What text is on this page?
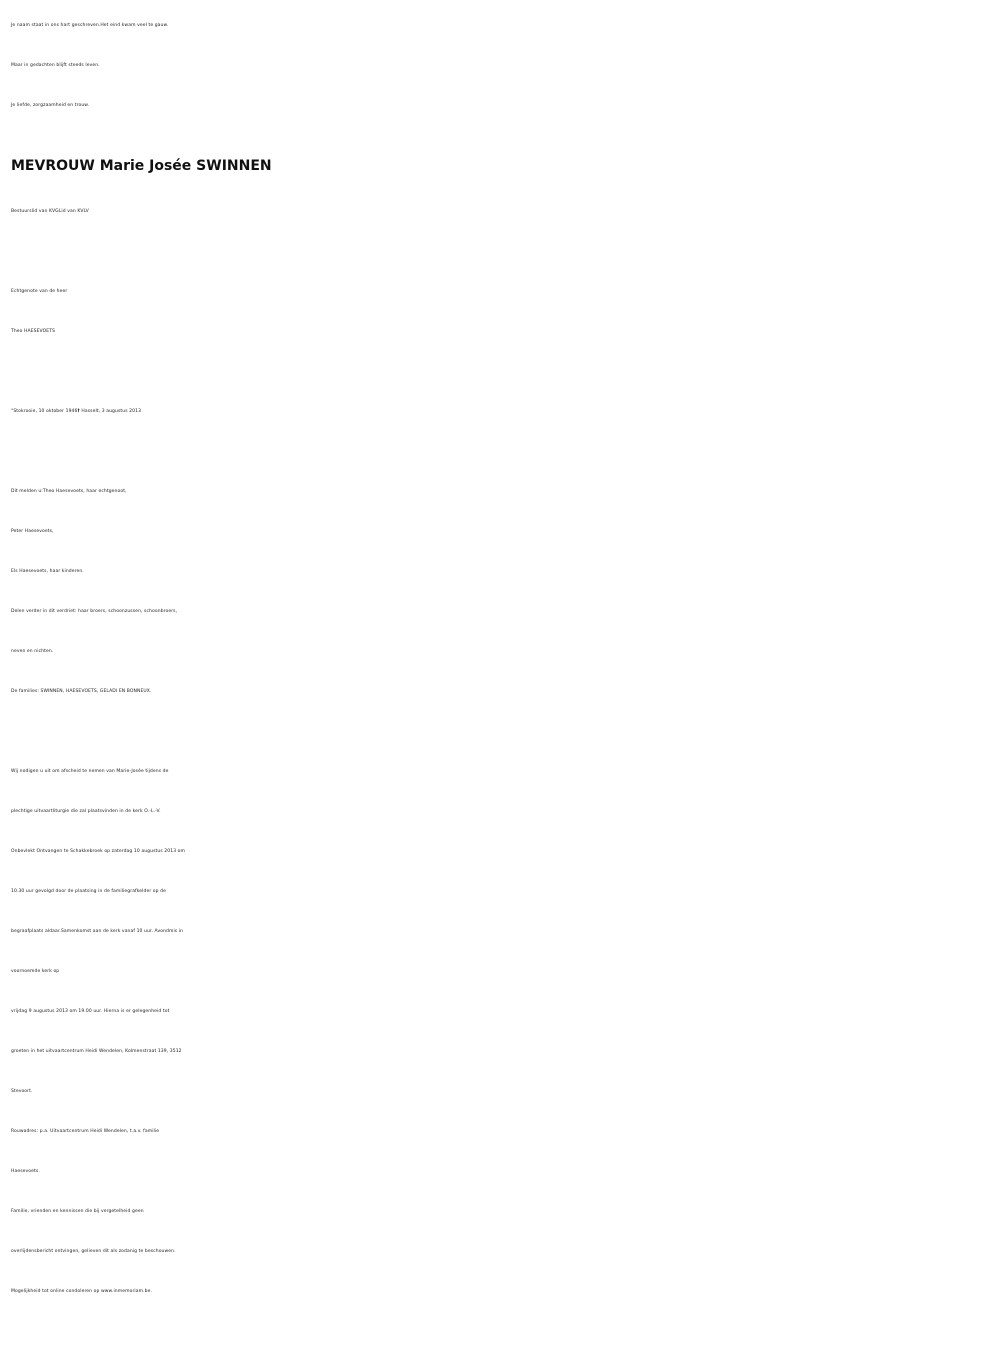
Je naam staat in ons hart geschreven.Het eind kwam veel te gauw.
Maar in gedachten blijft steeds leven.
Je liefde, zorgzaamheid en trouw.
MEVROUW Marie Josée SWINNEN
Bestuurslid van KVGLid van KVLV
Echtgenote van de heer
Theo HAESEVOETS
°Stokrooie, 10 oktober 1946† Hasselt, 3 augustus 2013
Dit melden u:Theo Haesevoets, haar echtgenoot,
Peter Haesevoets,
Els Haesevoets, haar kinderen.
Delen verder in dit verdriet: haar broers, schoonzussen, schoonbroers,
neven en nichten.
De families: SWINNEN, HAESEVOETS, GELADI EN BONNEUX.
Wij nodigen u uit om afscheid te nemen van Marie-Josée tijdens de
plechtige uitvaartliturgie die zal plaatsvinden in de kerk O.-L.-V.
Onbevlekt Ontvangen te Schakkebroek op zaterdag 10 augustus 2013 om
10.30 uur gevolgd door de plaatsing in de familiegrafkelder op de
begraafplaats aldaar.Samenkomst aan de kerk vanaf 10 uur. Avondmis in
voornoemde kerk op
vrijdag 9 augustus 2013 om 19.00 uur. Hierna is er gelegenheid tot
groeten in het uitvaartcentrum Heidi Wendelen, Kolmenstraat 139, 3512
Stevoort.
Rouwadres: p.a. Uitvaartcentrum Heidi Wendelen, t.a.v. familie
Haesevoets.
Familie, vrienden en kennissen die bij vergetelheid geen
overlijdensbericht ontvingen, gelieven dit als zodanig te beschouwen.
Mogelijkheid tot online condoleren op www.inmemoriam.be.
